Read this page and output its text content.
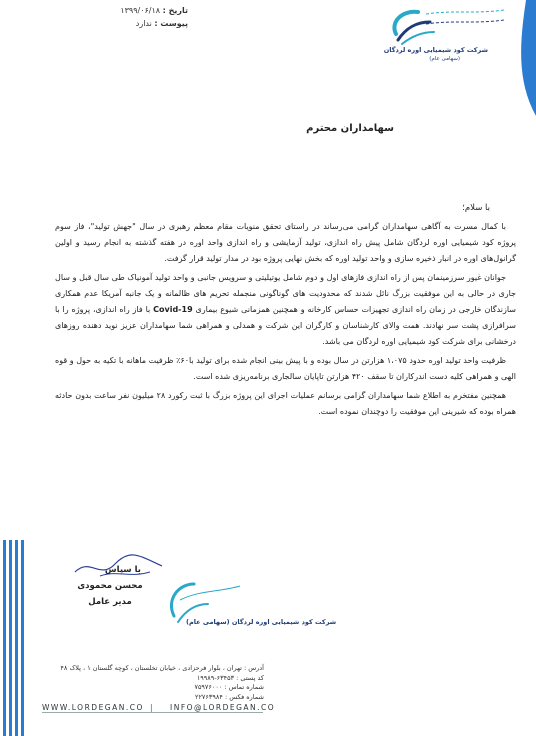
تاریخ : ۱۳۹۹/۰۶/۱۸
پیوست : ندارد
شرکت کود شیمیایی اوره لردگان
(سهامی عام)
سهامداران محترم
با سلام؛

با کمال مسرت به آگاهی سهامداران گرامی می‌رساند در راستای تحقق منویات مقام معظم رهبری در سال "جهش تولید"، فاز سوم پروژه کود شیمیایی اوره لردگان شامل پیش راه اندازی، تولید آزمایشی و راه اندازی واحد اوره در هفته گذشته به انجام رسید و اولین گرانول‌های اوره در انبار ذخیره سازی و واحد تولید اوره که بخش نهایی پروژه بود در مدار تولید قرار گرفت.

جوانان غیور سرزمینمان پس از راه اندازی فازهای اول و دوم شامل یوتیلیتی و سرویس جانبی و واحد تولید آمونیاک طی سال قبل و سال جاری در حالی به این موفقیت بزرگ نائل شدند که محدودیت های گوناگونی منجمله تحریم های ظالمانه و یک جانبه آمریکا عدم همکاری سازندگان خارجی در زمان راه اندازی تجهیزات حساس کارخانه و همچنین همزمانی شیوع بیماری Covid-19 با فاز راه اندازی، پروژه را با سرافرازی پشت سر نهادند. همت والای کارشناسان و کارگران این شرکت و همدلی و همراهی شما سهامداران عزیز نوید دهنده روزهای درخشانی برای شرکت کود شیمیایی اوره لردگان می باشد.

ظرفیت واحد تولید اوره حدود ۱،۰۷۵ هزارتن در سال بوده و با پیش بینی انجام شده برای تولید با۶۰٪ ظرفیت ماهانه با تکیه به حول و قوه الهی و همراهی کلیه دست اندرکاران تا سقف ۴۲۰ هزارتن تاپایان سالجاری برنامه‌ریزی شده است.

همچنین مفتخرم به اطلاع شما سهامداران گرامی برسانم عملیات اجرای این پروژه بزرگ با ثبت رکورد ۲۸ میلیون نفر ساعت بدون حادثه همراه بوده که شیرینی این موفقیت را دوچندان نموده است.

با سپاس
محسن محمودی
مدیر عامل
شرکت کود شیمیایی اوره لردگان (سهامی عام)
آدرس : تهران ، بلوار فرحزادی ، خیابان تخلستان ، کوچه گلستان ۱ ، پلاک ۴۸
کد پستی : ۶۳۴۵۳-۱۹۹۸۹
شماره تماس : ۷۵۹۷۶۰۰۰
شماره فکس : ۲۲۷۶۳۹۸۴
WWW.LORDEGAN.CO | INFO@LORDEGAN.CO
